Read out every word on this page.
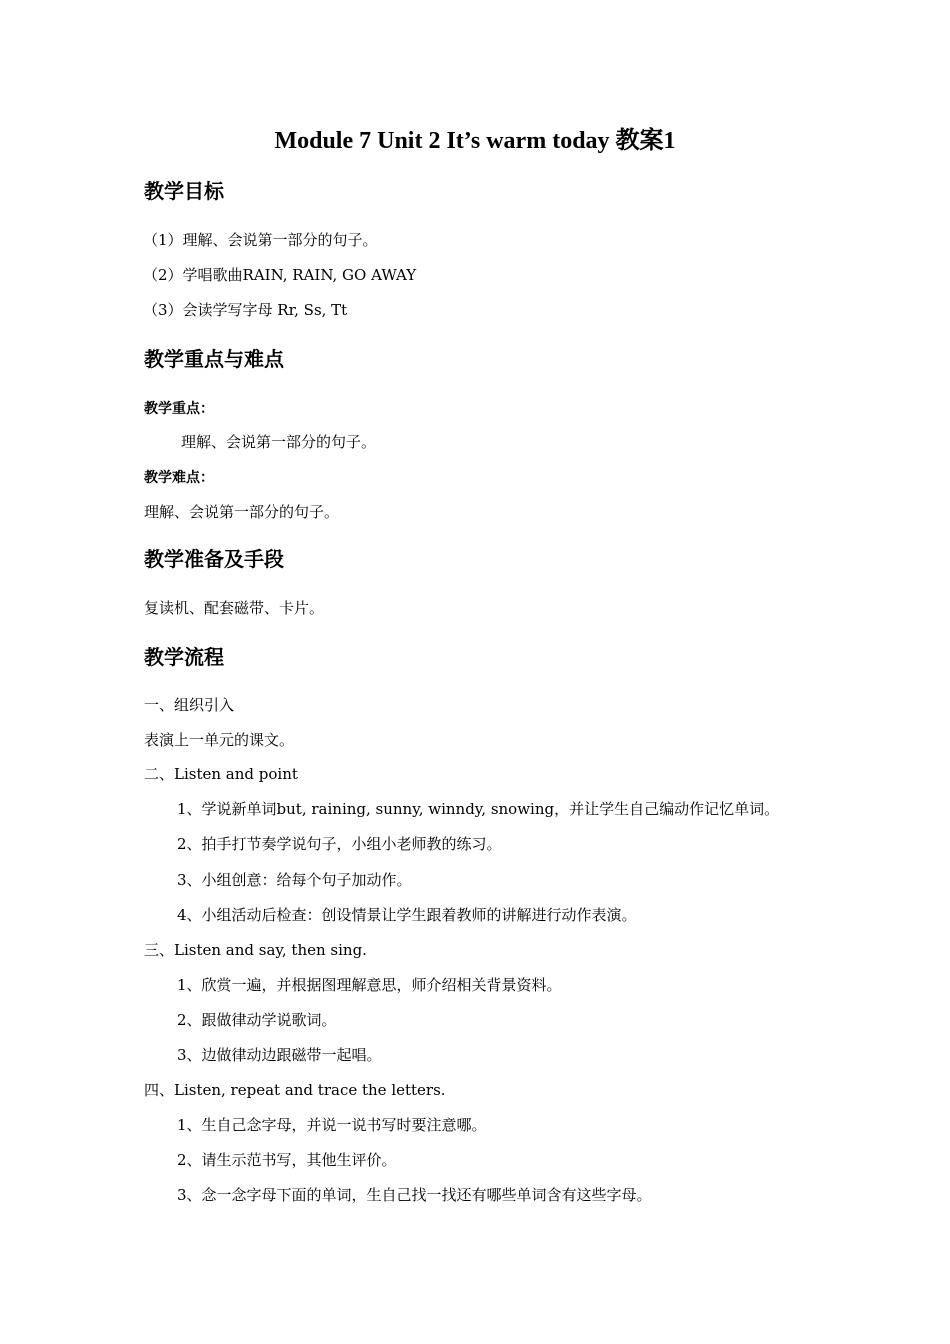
Module 7 Unit 2 It’s warm today 教案1
教学目标
（1）理解、会说第一部分的句子。
（2）学唱歌曲RAIN, RAIN, GO AWAY
（3）会读学写字母 Rr, Ss, Tt
教学重点与难点
教学重点：
理解、会说第一部分的句子。
教学难点：
理解、会说第一部分的句子。
教学准备及手段
复读机、配套磁带、卡片。
教学流程
一、组织引入
表演上一单元的课文。
二、Listen and point
1、学说新单词but, raining, sunny, winndy, snowing，并让学生自己编动作记忆单词。
2、拍手打节奏学说句子，小组小老师教的练习。
3、小组创意：给每个句子加动作。
4、小组活动后检查：创设情景让学生跟着教师的讲解进行动作表演。
三、Listen and say, then sing.
1、欣赏一遍，并根据图理解意思，师介绍相关背景资料。
2、跟做律动学说歌词。
3、边做律动边跟磁带一起唱。
四、Listen, repeat and trace the letters.
1、生自己念字母，并说一说书写时要注意哪。
2、请生示范书写，其他生评价。
3、念一念字母下面的单词，生自己找一找还有哪些单词含有这些字母。
